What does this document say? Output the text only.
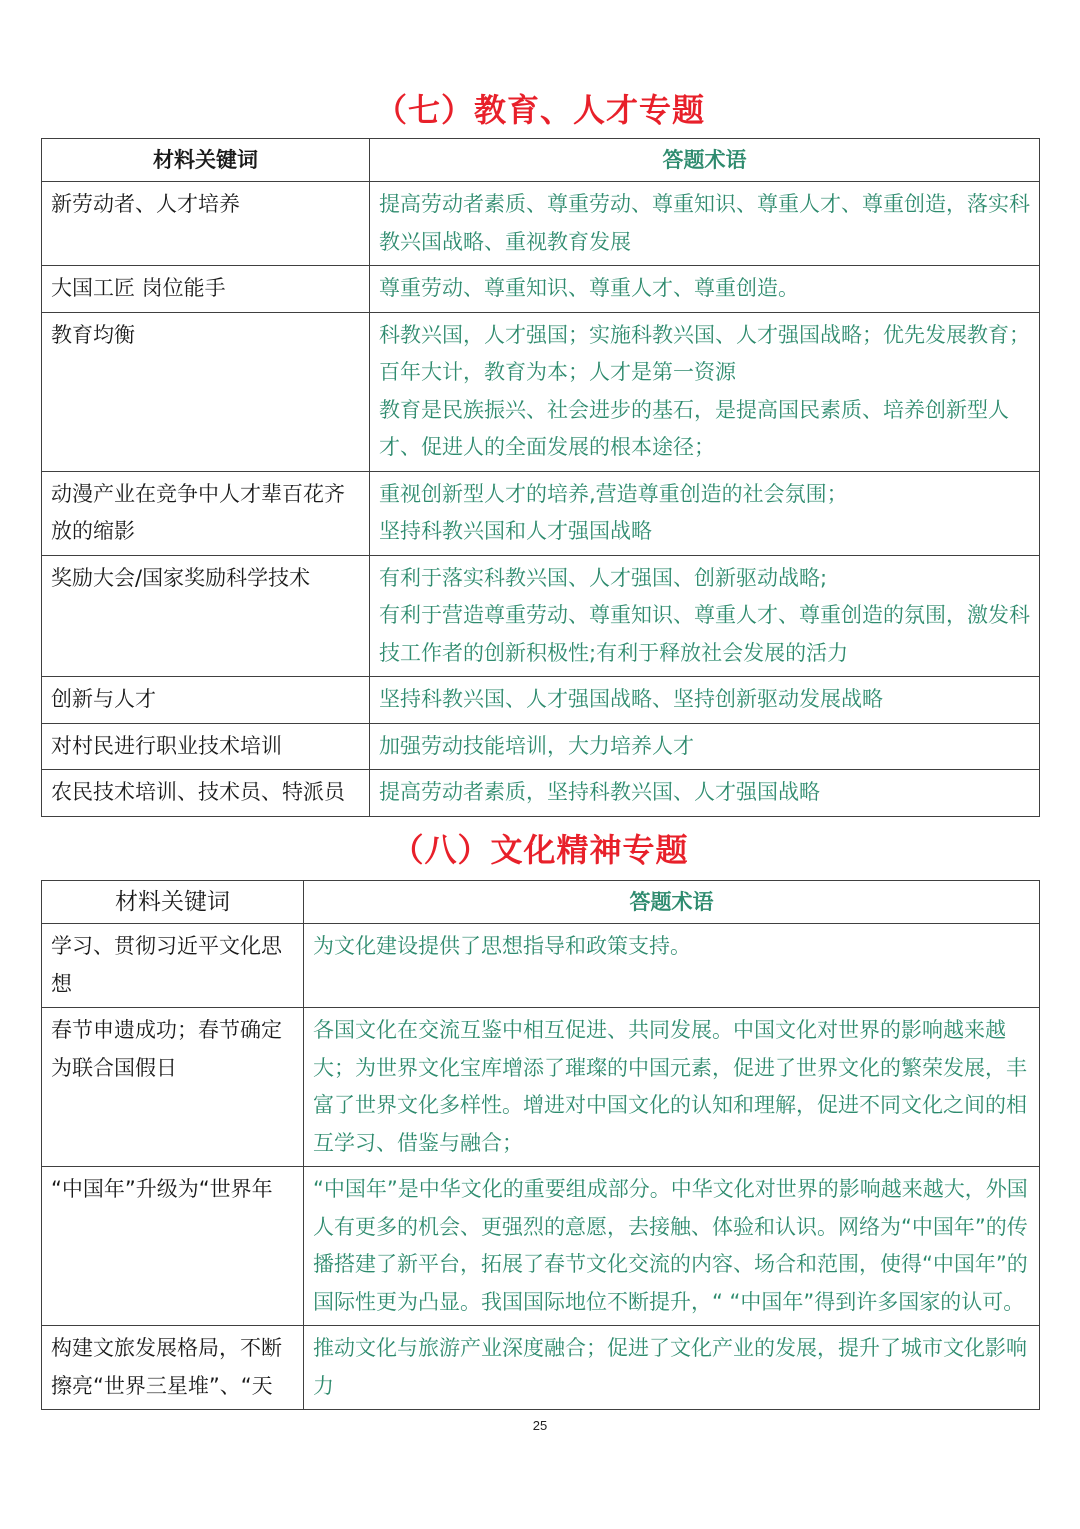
（七）教育、人才专题
材料关键词	答题术语
新劳动者、人才培养	提高劳动者素质、尊重劳动、尊重知识、尊重人才、尊重创造，落实科教兴国战略、重视教育发展

大国工匠 岗位能手	尊重劳动、尊重知识、尊重人才、尊重创造。

教育均衡	科教兴国，人才强国；实施科教兴国、人才强国战略；优先发展教育；百年大计，教育为本；人才是第一资源
教育是民族振兴、社会进步的基石，是提高国民素质、培养创新型人才、促进人的全面发展的根本途径；

动漫产业在竞争中人才辈百花齐放的缩影	重视创新型人才的培养,营造尊重创造的社会氛围；
坚持科教兴国和人才强国战略

奖励大会/国家奖励科学技术	有利于落实科教兴国、人才强国、创新驱动战略;
有利于营造尊重劳动、尊重知识、尊重人才、尊重创造的氛围，激发科技工作者的创新积极性;有利于释放社会发展的活力

创新与人才	坚持科教兴国、人才强国战略、坚持创新驱动发展战略

对村民进行职业技术培训	加强劳动技能培训，大力培养人才

农民技术培训、技术员、特派员	提高劳动者素质，坚持科教兴国、人才强国战略
（八）文化精神专题
材料关键词	答题术语
学习、贯彻习近平文化思想	为文化建设提供了思想指导和政策支持。

春节申遗成功；春节确定为联合国假日	各国文化在交流互鉴中相互促进、共同发展。中国文化对世界的影响越来越大；为世界文化宝库增添了璀璨的中国元素，促进了世界文化的繁荣发展，丰富了世界文化多样性。增进对中国文化的认知和理解，促进不同文化之间的相互学习、借鉴与融合；

“中国年”升级为“世界年	“中国年”是中华文化的重要组成部分。中华文化对世界的影响越来越大，外国人有更多的机会、更强烈的意愿，去接触、体验和认识。网络为“中国年”的传播搭建了新平台，拓展了春节文化交流的内容、场合和范围，使得“中国年”的国际性更为凸显。我国国际地位不断提升，“ “中国年”得到许多国家的认可。

构建文旅发展格局，不断擦亮“世界三星堆”、“天	推动文化与旅游产业深度融合；促进了文化产业的发展，提升了城市文化影响力
25
